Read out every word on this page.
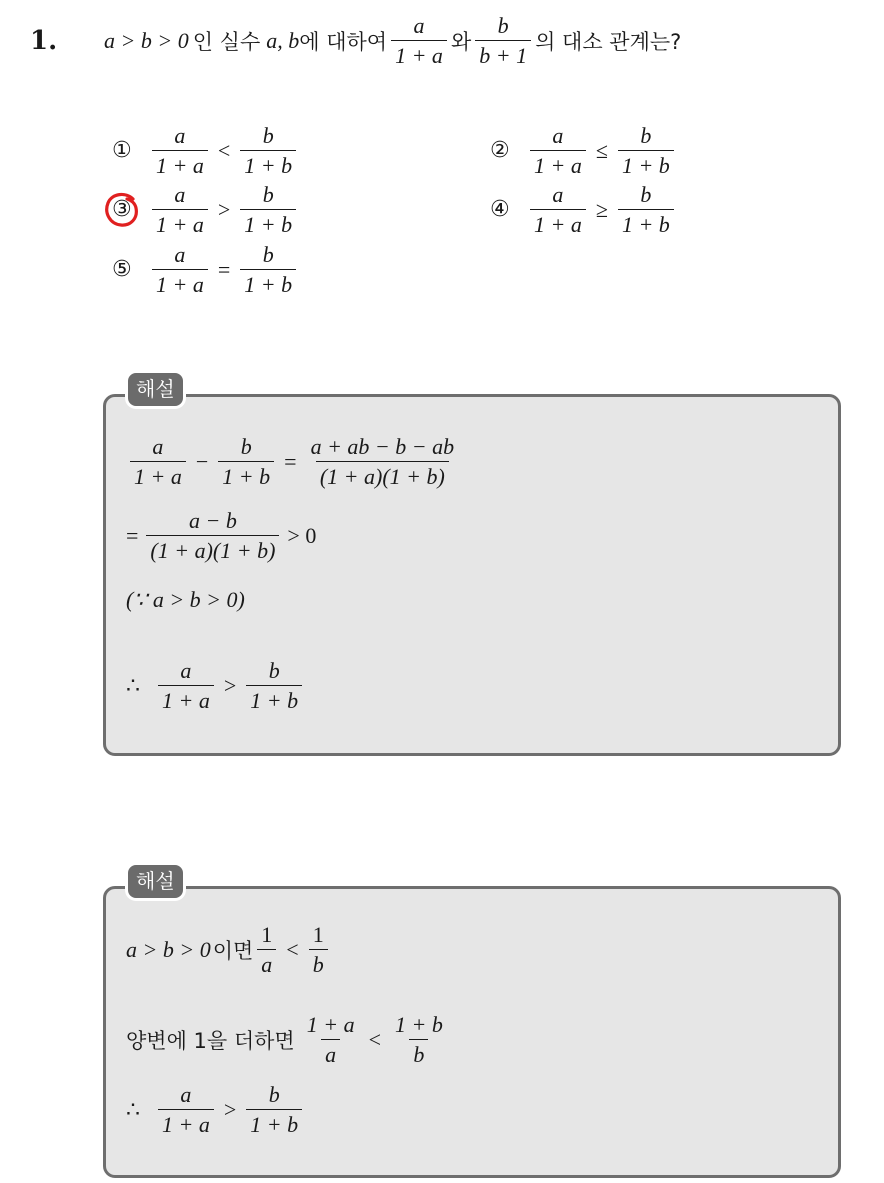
1. a > b > 0 인 실수 a, b 에 대하여 $\frac{a}{1 + a}$ 와 $\frac{b}{b + 1}$ 의 대소 관계는?
① $\frac{a}{1 + a} < \frac{b}{1 + b}$	② $\frac{a}{1 + a} \le \frac{b}{1 + b}$
③ $\frac{a}{1 + a} > \frac{b}{1 + b}$	④ $\frac{a}{1 + a} \ge \frac{b}{1 + b}$
⑤ $\frac{a}{1 + a} = \frac{b}{1 + b}$
해설
$\frac{a}{1 + a} - \frac{b}{1 + b} = \frac{a + ab - b - ab}{(1 + a)(1 + b)}$
= $\frac{a - b}{(1 + a)(1 + b)} > 0$
(∵ a > b > 0)
∴ $\frac{a}{1 + a} > \frac{b}{1 + b}$
해설
a > b > 0 이면 $\frac{1}{a} < \frac{1}{b}$
양변에 1을 더하면 $\frac{1 + a}{a} < \frac{1 + b}{b}$
∴ $\frac{a}{1 + a} > \frac{b}{1 + b}$
